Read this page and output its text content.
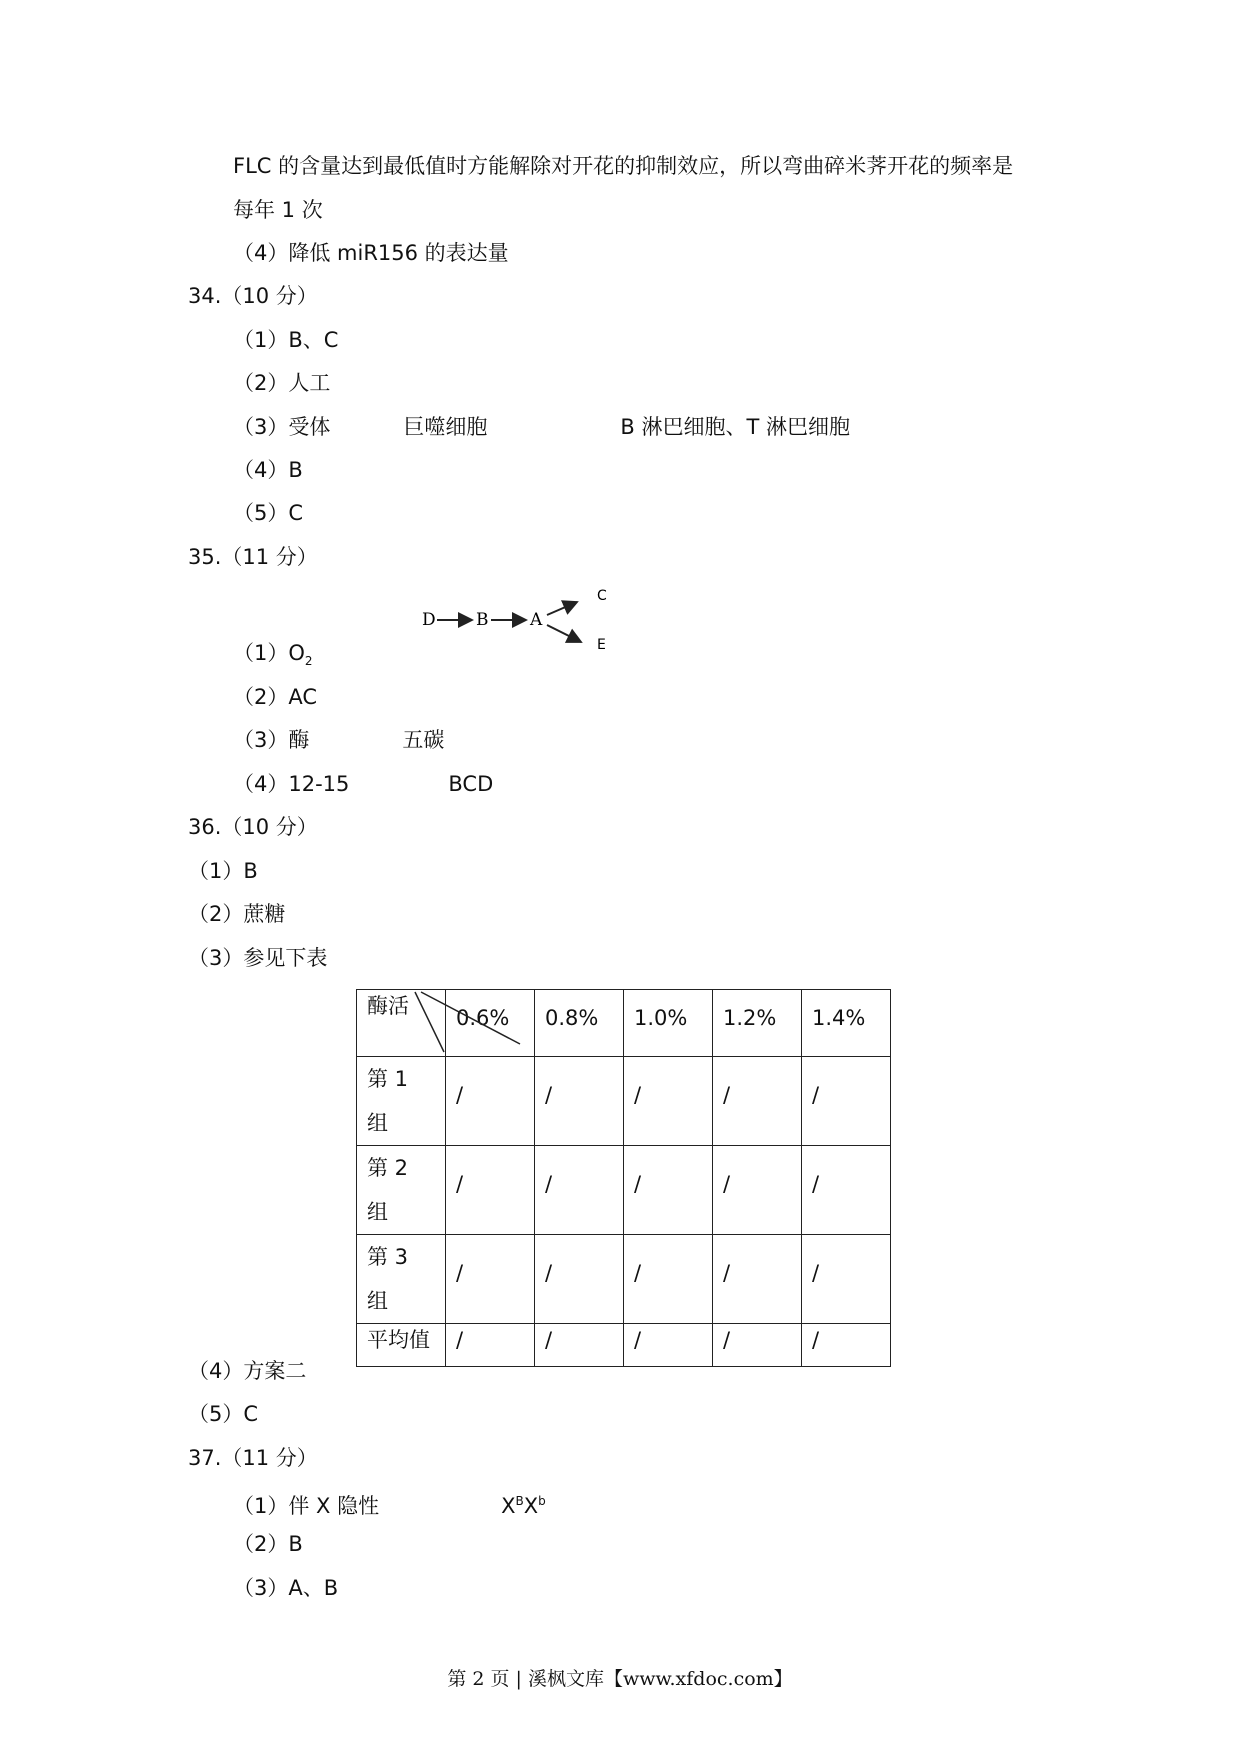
FLC 的含量达到最低值时方能解除对开花的抑制效应，所以弯曲碎米荠开花的频率是
每年 1 次
（4）降低 miR156 的表达量
34.（10 分）
（1）B、C
（2）人工
（3）受体	巨噬细胞	B 淋巴细胞、T 淋巴细胞
（4）B
（5）C
35.（11 分）
D B A
C
E
$(1)O_2$
（2）AC
（3）酶	五碳
（4）12-15	BCD
36.（10 分）
（1）B
（2）蔗糖
（3）参见下表
酶活	0.6%	0.8%	1.0%	1.2%	1.4%

第 1
组	/	/	/	/	/

第 2
组	/	/	/	/	/

第 3
组	/	/	/	/	/

平均值	/	/	/	/	/
（4）方案二
（5）C
37.（11 分）
（1）伴 X 隐性	$X^BX^b$
（2）B
（3）A、B
第 2 页 | 溪枫文库【www.xfdoc.com】
